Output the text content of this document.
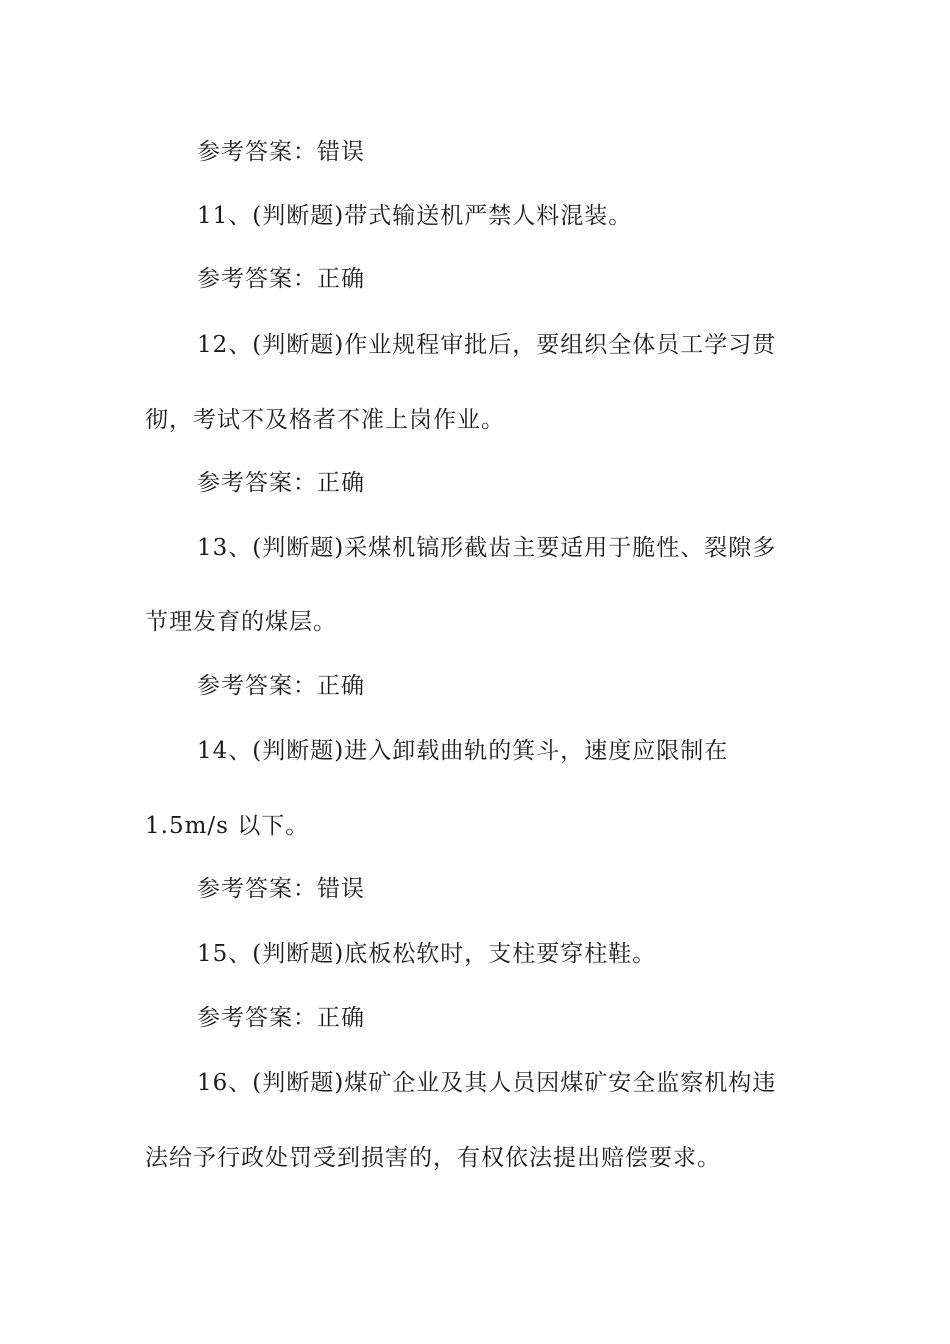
参考答案：错误
11、(判断题)带式输送机严禁人料混装。
参考答案：正确
12、(判断题)作业规程审批后，要组织全体员工学习贯
彻，考试不及格者不准上岗作业。
参考答案：正确
13、(判断题)采煤机镐形截齿主要适用于脆性、裂隙多
节理发育的煤层。
参考答案：正确
14、(判断题)进入卸载曲轨的箕斗，速度应限制在
1.5m/s 以下。
参考答案：错误
15、(判断题)底板松软时，支柱要穿柱鞋。
参考答案：正确
16、(判断题)煤矿企业及其人员因煤矿安全监察机构违
法给予行政处罚受到损害的，有权依法提出赔偿要求。
